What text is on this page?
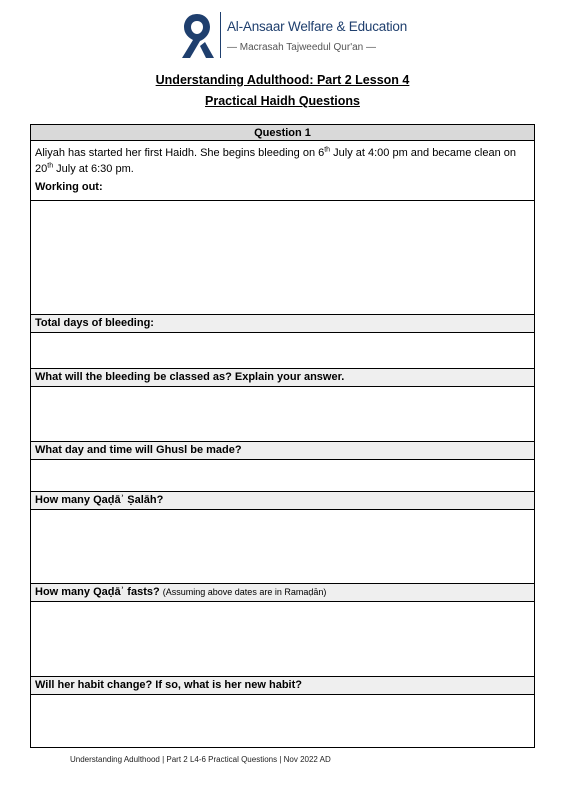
Al-Ansaar Welfare & Education
— Macrasah Tajweedul Qur'an —
Understanding Adulthood: Part 2 Lesson 4
Practical Haidh Questions
Question 1
Aliyah has started her first Haidh. She begins bleeding on 6th July at 4:00 pm and became clean on 20th July at 6:30 pm.
Working out:
Total days of bleeding:
What will the bleeding be classed as? Explain your answer.
What day and time will Ghusl be made?
How many Qaḍāʾ Ṣalāh?
How many Qaḍāʾ fasts? (Assuming above dates are in Ramaḍān)
Will her habit change? If so, what is her new habit?
Understanding Adulthood | Part 2 L4-6 Practical Questions | Nov 2022 AD
